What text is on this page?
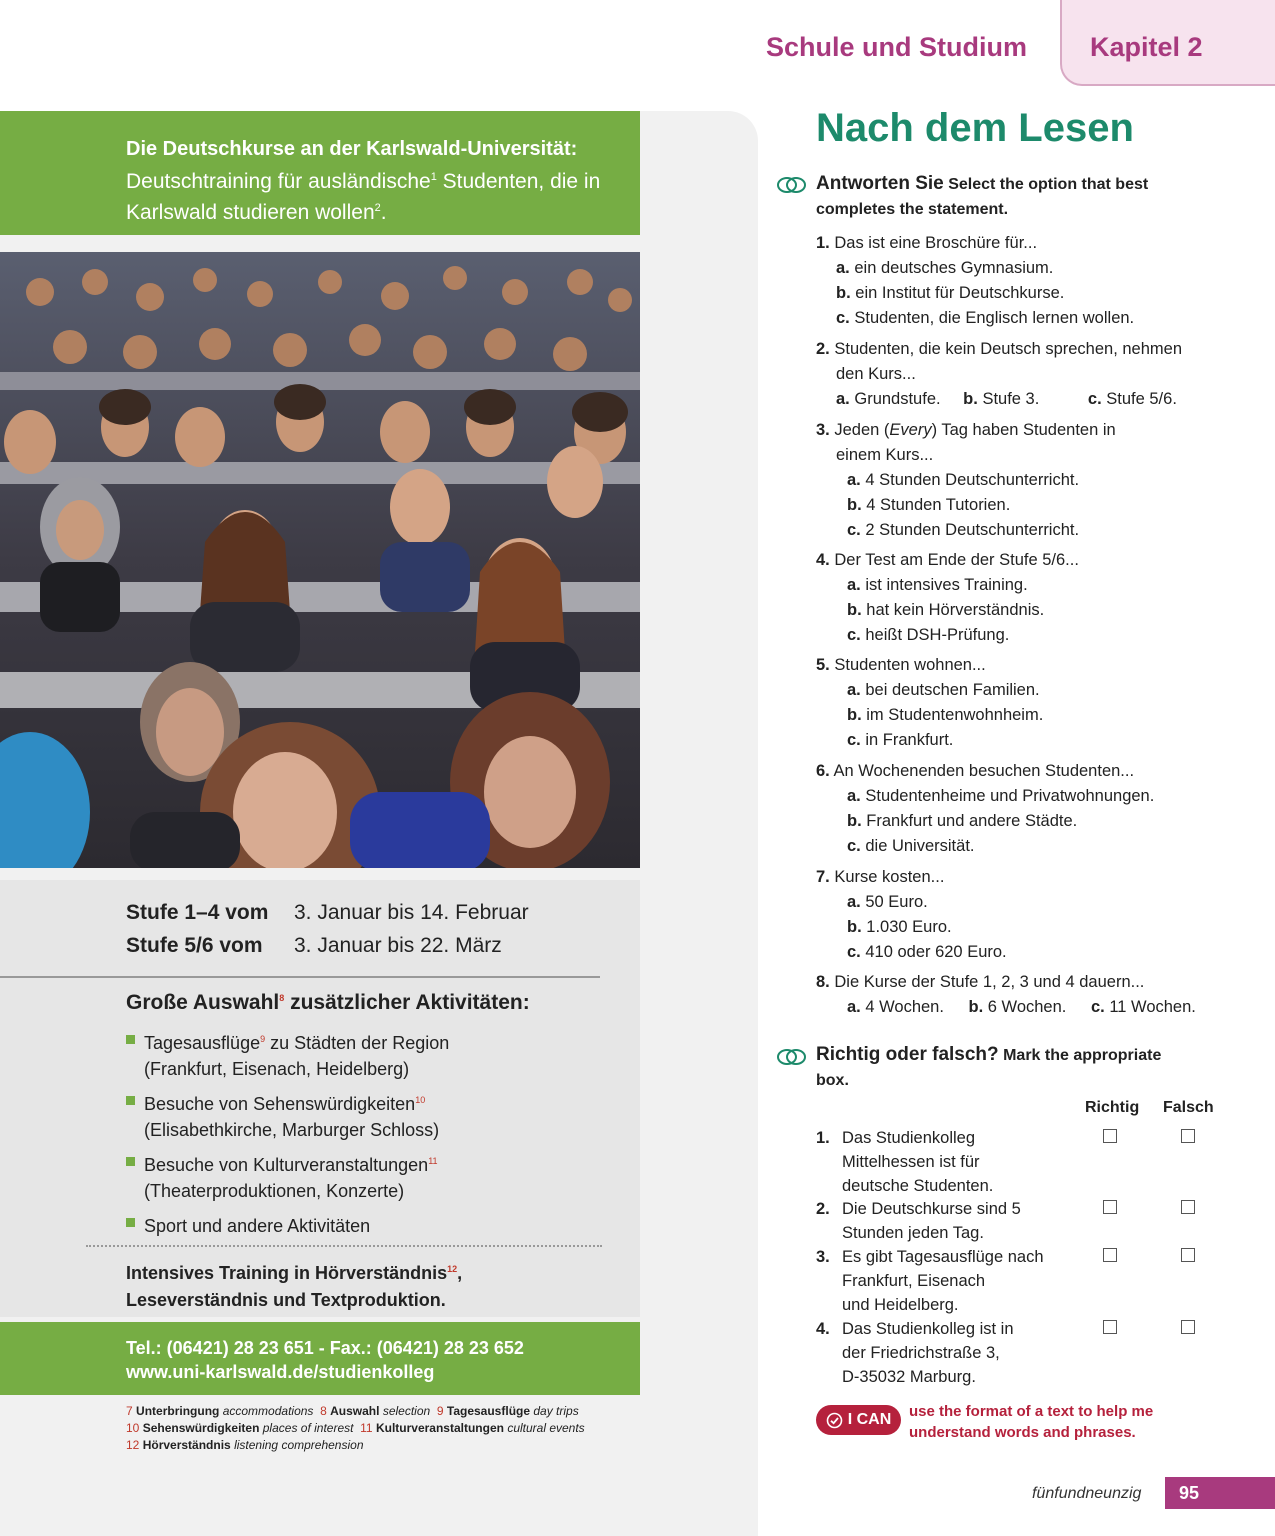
Schule und Studium Kapitel 2
Die Deutschkurse an der Karlswald-Universität:
Deutschtraining für ausländische$^1$ Studenten, die in Karlswald studieren wollen$^2$.
Stufe 1–4 vom 3. Januar bis 14. Februar
Stufe 5/6 vom 3. Januar bis 22. März
Große Auswahl$^8$ zusätzlicher Aktivitäten:
Tagesausflüge$^9$ zu Städten der Region
(Frankfurt, Eisenach, Heidelberg)
Besuche von Sehenswürdigkeiten$^{10}$
(Elisabethkirche, Marburger Schloss)
Besuche von Kulturveranstaltungen$^{11}$
(Theaterproduktionen, Konzerte)
Sport und andere Aktivitäten
Intensives Training in Hörverständnis$^{12}$,
Leseverständnis und Textproduktion.
Tel.: (06421) 28 23 651 - Fax.: (06421) 28 23 652
www.uni-karlswald.de/studienkolleg
7 Unterbringung accommodations 8 Auswahl selection 9 Tagesausflüge day trips
10 Sehenswürdigkeiten places of interest 11 Kulturveranstaltungen cultural events
12 Hörverständnis listening comprehension
Nach dem Lesen
Antworten Sie Select the option that best
completes the statement.
1. Das ist eine Broschüre für...
a. ein deutsches Gymnasium.
b. ein Institut für Deutschkurse.
c. Studenten, die Englisch lernen wollen.
2. Studenten, die kein Deutsch sprechen, nehmen
den Kurs...
a. Grundstufe. b. Stufe 3.	c. Stufe 5/6.
3. Jeden (Every) Tag haben Studenten in
einem Kurs...
a. 4 Stunden Deutschunterricht.
b. 4 Stunden Tutorien.
c. 2 Stunden Deutschunterricht.
4. Der Test am Ende der Stufe 5/6...
a. ist intensives Training.
b. hat kein Hörverständnis.
c. heißt DSH-Prüfung.
5. Studenten wohnen...
a. bei deutschen Familien.
b. im Studentenwohnheim.
c. in Frankfurt.
6. An Wochenenden besuchen Studenten...
a. Studentenheime und Privatwohnungen.
b. Frankfurt und andere Städte.
c. die Universität.
7. Kurse kosten...
a. 50 Euro.
b. 1.030 Euro.
c. 410 oder 620 Euro.
8. Die Kurse der Stufe 1, 2, 3 und 4 dauern...
a. 4 Wochen. b. 6 Wochen. c. 11 Wochen.
Richtig oder falsch? Mark the appropriate
box.
Richtig Falsch
1. Das Studienkolleg
Mittelhessen ist für
deutsche Studenten.
2. Die Deutschkurse sind 5
Stunden jeden Tag.
3. Es gibt Tagesausflüge nach
Frankfurt, Eisenach
und Heidelberg.
4. Das Studienkolleg ist in
der Friedrichstraße 3,
D-35032 Marburg.
I CAN use the format of a text to help me
understand words and phrases.
fünfundneunzig	95
